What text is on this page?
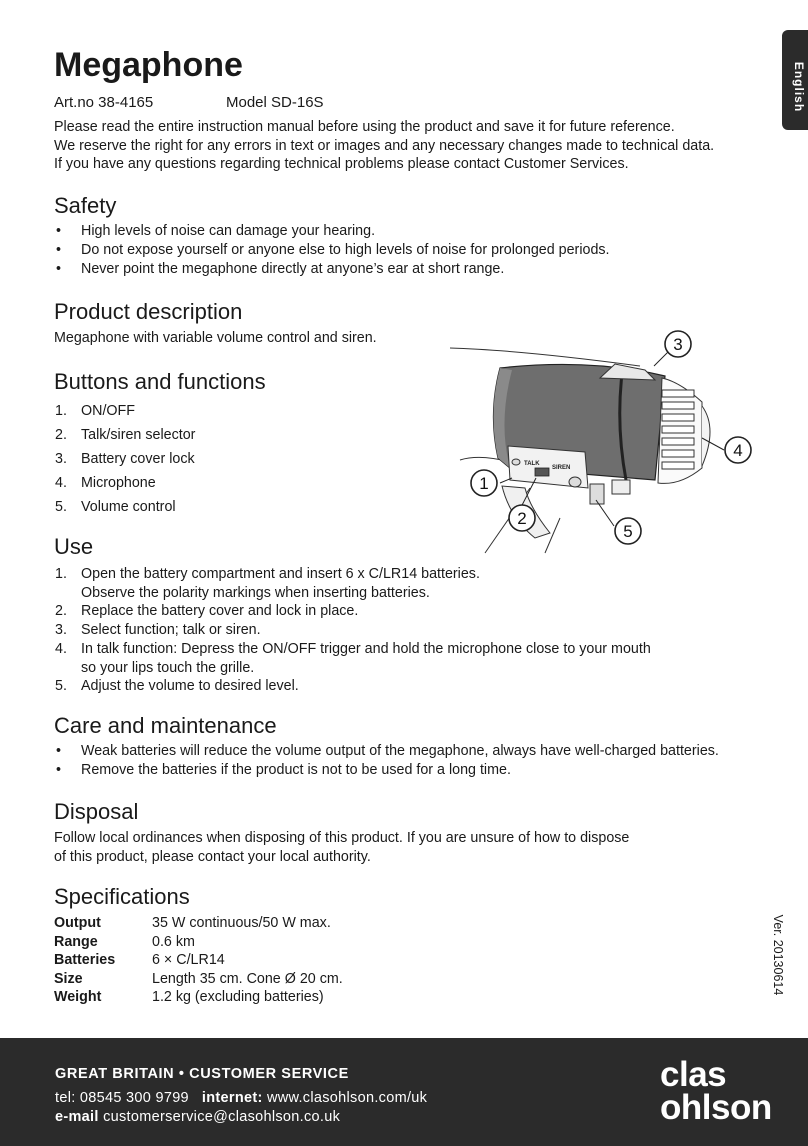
English
Megaphone
Art.no 38-4165	Model SD-16S
Please read the entire instruction manual before using the product and save it for future reference.
We reserve the right for any errors in text or images and any necessary changes made to technical data.
If you have any questions regarding technical problems please contact Customer Services.
Safety
• High levels of noise can damage your hearing.
• Do not expose yourself or anyone else to high levels of noise for prolonged periods.
• Never point the megaphone directly at anyone’s ear at short range.
Product description
Megaphone with variable volume control and siren.
Buttons and functions
1. ON/OFF
2. Talk/siren selector
3. Battery cover lock
4. Microphone
5. Volume control
TALK
SIREN
3
4
1
2
5
Use
1. Open the battery compartment and insert 6 x C/LR14 batteries.
Observe the polarity markings when inserting batteries.
2. Replace the battery cover and lock in place.
3. Select function; talk or siren.
4. In talk function: Depress the ON/OFF trigger and hold the microphone close to your mouth
so your lips touch the grille.
5. Adjust the volume to desired level.
Care and maintenance
• Weak batteries will reduce the volume output of the megaphone, always have well-charged batteries.
• Remove the batteries if the product is not to be used for a long time.
Disposal
Follow local ordinances when disposing of this product. If you are unsure of how to dispose
of this product, please contact your local authority.
Specifications
Output	35 W continuous/50 W max.
Range	0.6 km
Batteries	6 × C/LR14
Size	Length 35 cm. Cone Ø 20 cm.
Weight	1.2 kg (excluding batteries)
Ver. 20130614
GREAT BRITAIN • CUSTOMER SERVICE
tel: 08545 300 9799 internet: www.clasohlson.com/uk
e-mail customerservice@clasohlson.co.uk
clas
ohlson
